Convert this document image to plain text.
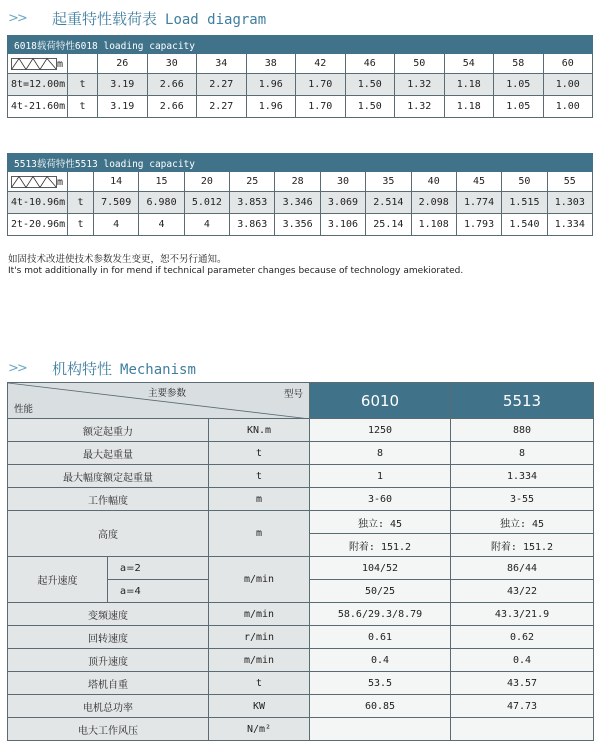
>>	起重特性载荷表 Load diagram
6018载荷特性6018 loading capacity											
m		26	30	34	38	42	46	50	54	58	60
8t=12.00m	t	3.19	2.66	2.27	1.96	1.70	1.50	1.32	1.18	1.05	1.00
4t-21.60m	t	3.19	2.66	2.27	1.96	1.70	1.50	1.32	1.18	1.05	1.00
5513载荷特性5513 loading capacity												
m		14	15	20	25	28	30	35	40	45	50	55
4t-10.96m	t	7.509	6.980	5.012	3.853	3.346	3.069	2.514	2.098	1.774	1.515	1.303
2t-20.96m	t	4	4	4	3.863	3.356	3.106	25.14	1.108	1.793	1.540	1.334
如固技术改进使技术参数发生变更，恕不另行通知。
It's mot additionally in for mend if technical parameter changes because of technology amekiorated.
>>	机构特性 Mechanism
主要参数 型号
性能			6010	5513
额定起重力		KN.m	1250	880
最大起重量		t	8	8
最大幅度额定起重量		t	1	1.334
工作幅度		m	3-60	3-55
高度		m	独立: 45	独立: 45
			附着: 151.2	附着: 151.2
起升速度	a=2	m/min	104/52	86/44
	a=4		50/25	43/22
变频速度		m/min	58.6/29.3/8.79	43.3/21.9
回转速度		r/min	0.61	0.62
顶升速度		m/min	0.4	0.4
塔机自重		t	53.5	43.57
电机总功率		KW	60.85	47.73
电大工作风压		N/m²		
